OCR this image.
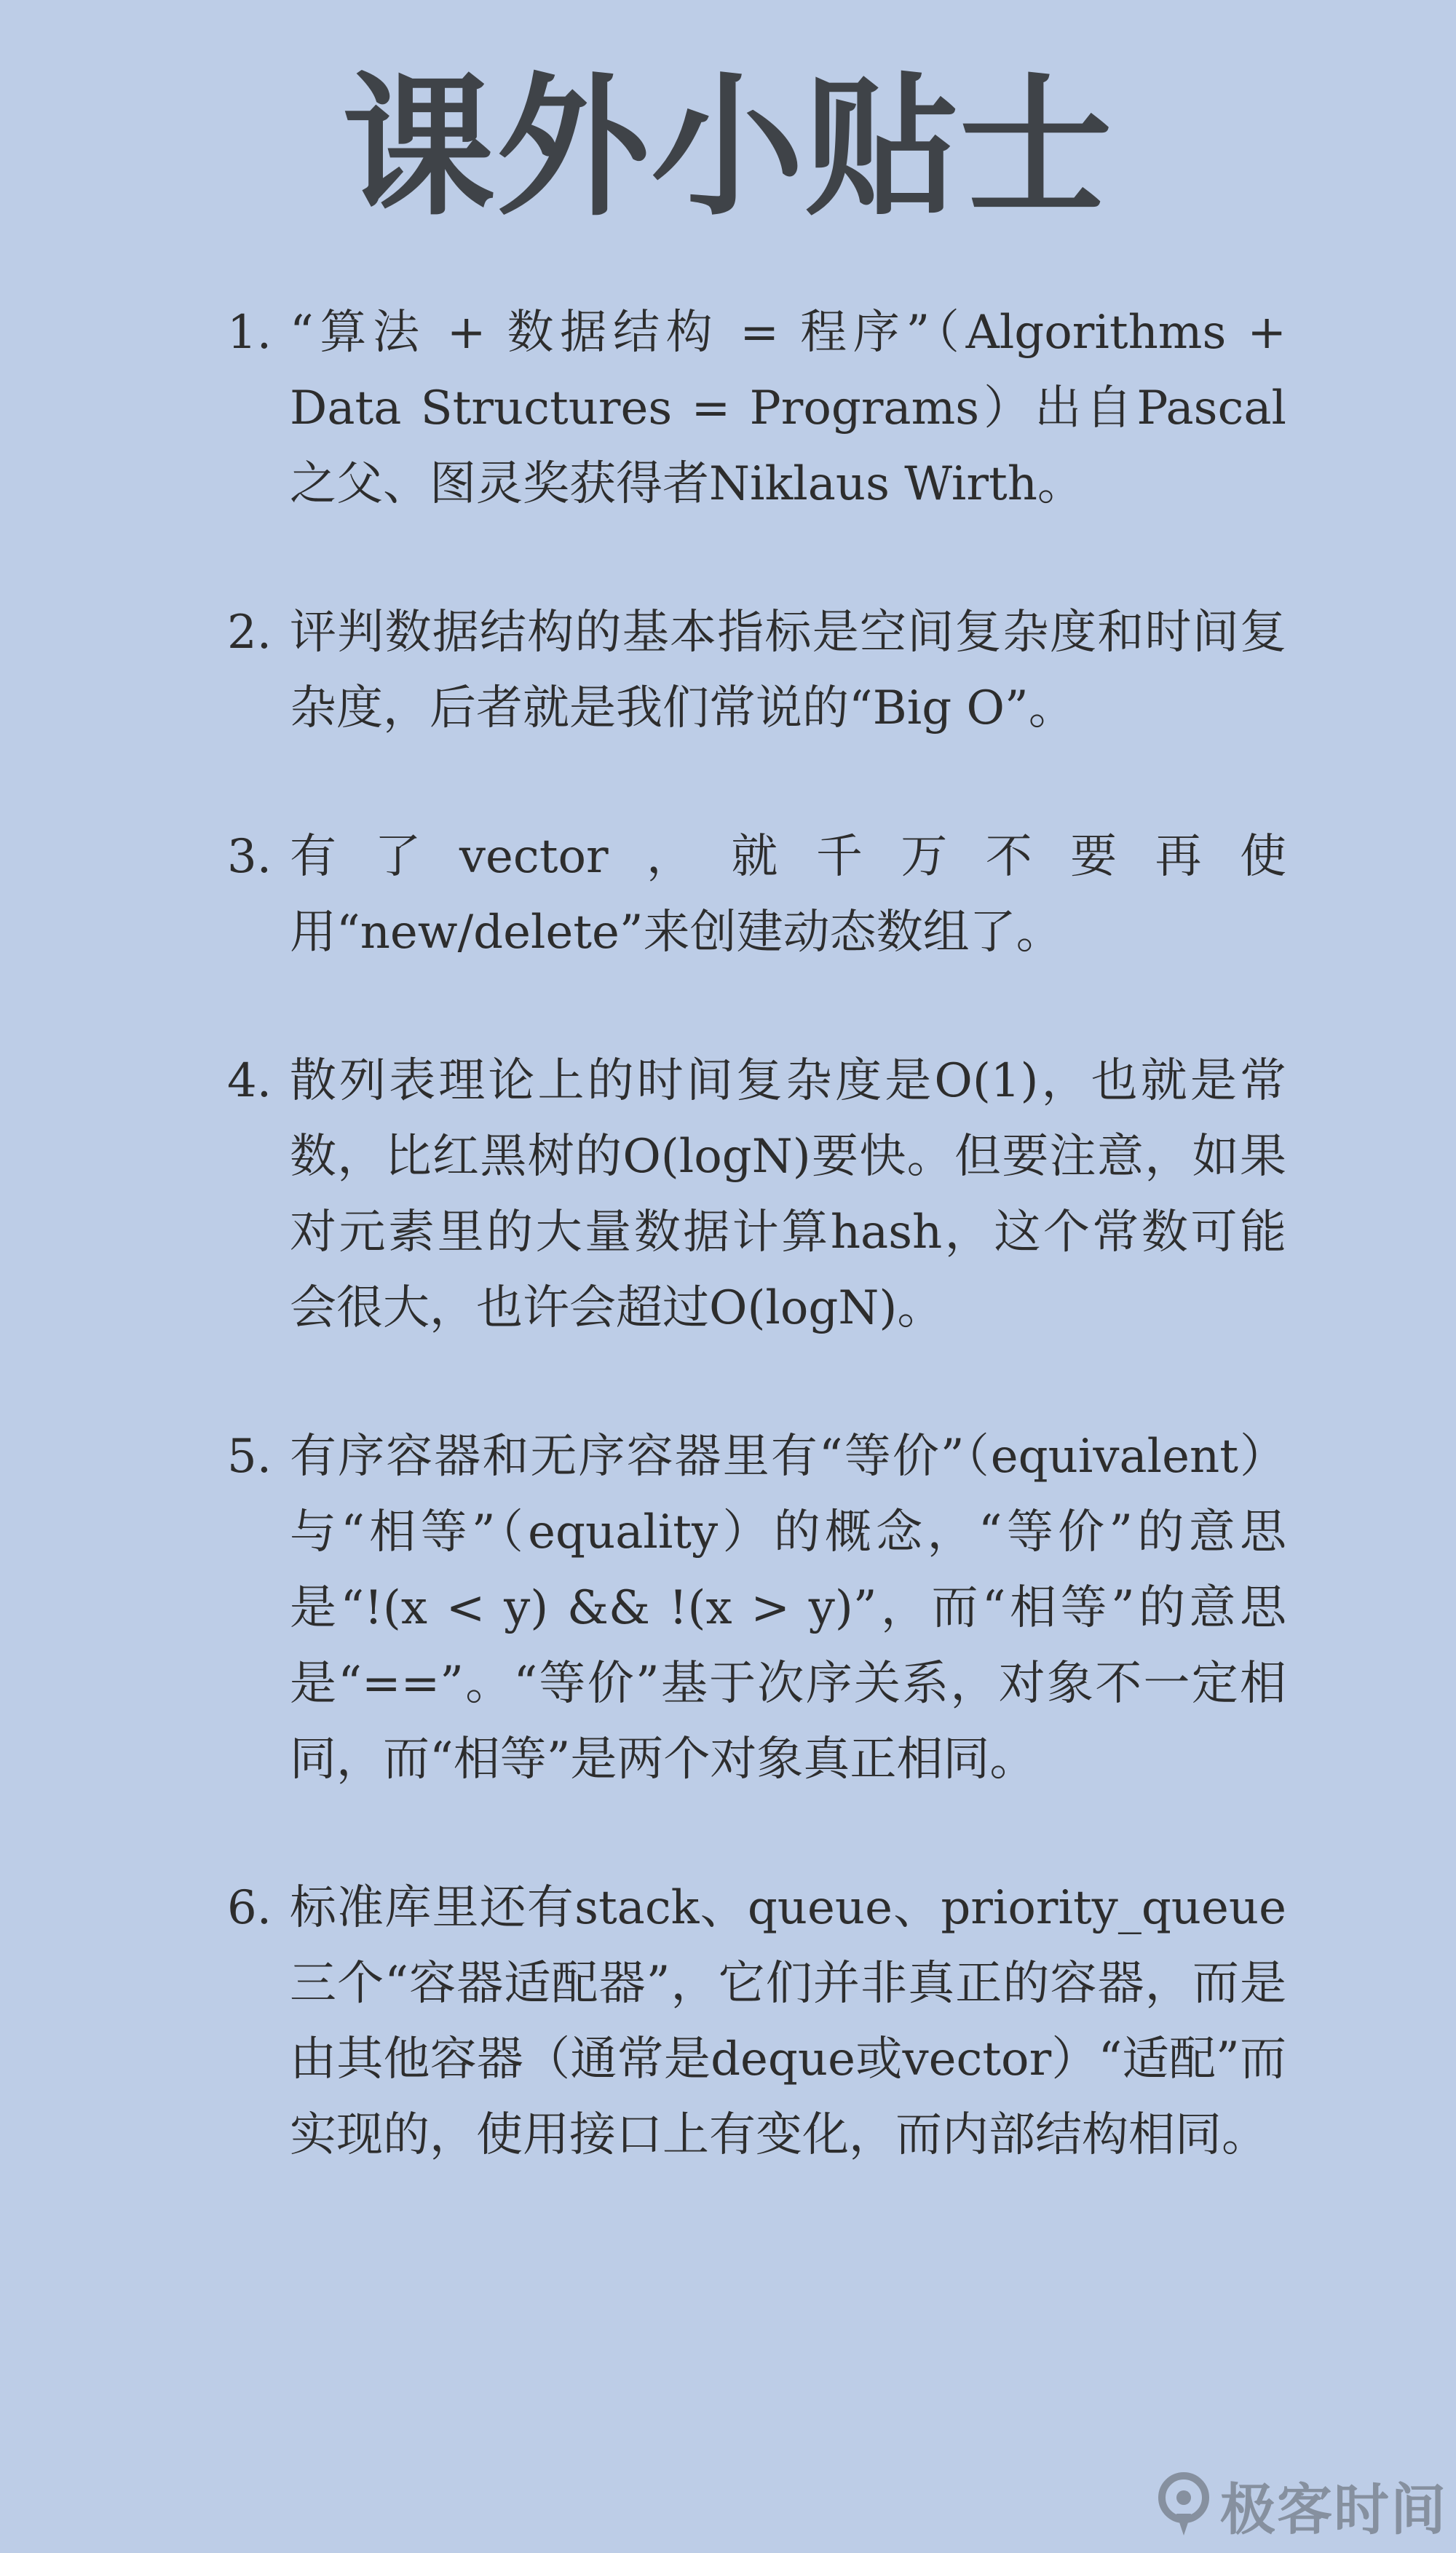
课外小贴士
1. “算法 + 数据结构 = 程序”（Algorithms + Data Structures = Programs）出自Pascal之父、图灵奖获得者Niklaus Wirth。
2. 评判数据结构的基本指标是空间复杂度和时间复杂度，后者就是我们常说的“Big O”。
3. 有了vector，就千万不要再使用“new/delete”来创建动态数组了。
4. 散列表理论上的时间复杂度是O(1)，也就是常数，比红黑树的O(logN)要快。但要注意，如果对元素里的大量数据计算hash，这个常数可能会很大，也许会超过O(logN)。
5. 有序容器和无序容器里有“等价”（equivalent）与“相等”（equality）的概念，“等价”的意思是“!(x < y) && !(x > y)”，而“相等”的意思是“==”。“等价”基于次序关系，对象不一定相同，而“相等”是两个对象真正相同。
6. 标准库里还有stack、queue、priority_queue三个“容器适配器”，它们并非真正的容器，而是由其他容器（通常是deque或vector）“适配”而实现的，使用接口上有变化，而内部结构相同。
极客时间
